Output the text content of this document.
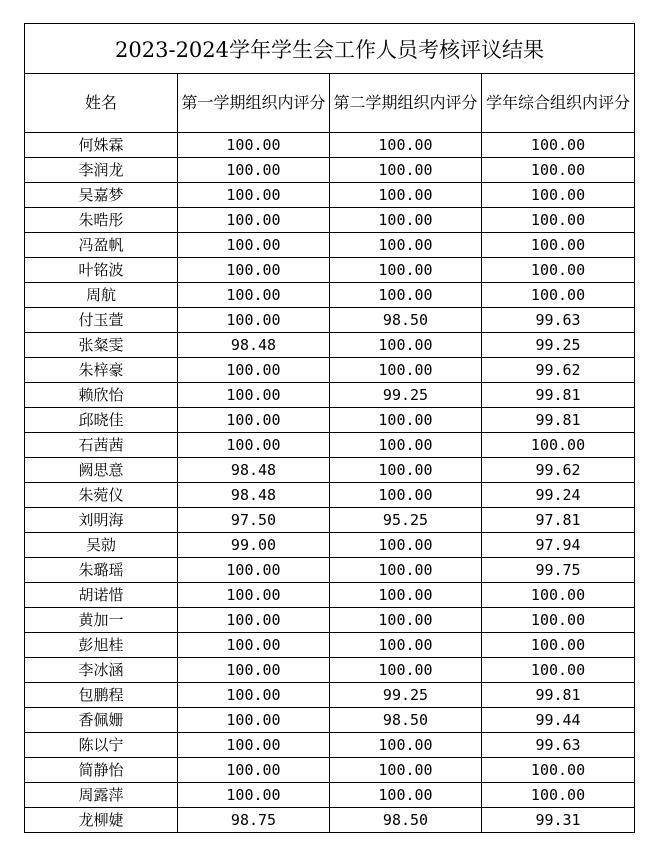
2023-2024学年学生会工作人员考核评议结果			
姓名	第一学期组织内评分	第二学期组织内评分	学年综合组织内评分
何姝霖	100.00	100.00	100.00
李润龙	100.00	100.00	100.00
吴嘉梦	100.00	100.00	100.00
朱晧彤	100.00	100.00	100.00
冯盈帆	100.00	100.00	100.00
叶铭波	100.00	100.00	100.00
周航	100.00	100.00	100.00
付玉萱	100.00	98.50	99.63
张粲雯	98.48	100.00	99.25
朱梓豪	100.00	100.00	99.62
赖欣怡	100.00	99.25	99.81
邱晓佳	100.00	100.00	99.81
石茜茜	100.00	100.00	100.00
阙思意	98.48	100.00	99.62
朱菀仪	98.48	100.00	99.24
刘明海	97.50	95.25	97.81
吴勍	99.00	100.00	97.94
朱璐瑶	100.00	100.00	99.75
胡诺惜	100.00	100.00	100.00
黄加一	100.00	100.00	100.00
彭旭桂	100.00	100.00	100.00
李冰涵	100.00	100.00	100.00
包鹏程	100.00	99.25	99.81
香佩姗	100.00	98.50	99.44
陈以宁	100.00	100.00	99.63
简静怡	100.00	100.00	100.00
周露萍	100.00	100.00	100.00
龙柳婕	98.75	98.50	99.31
